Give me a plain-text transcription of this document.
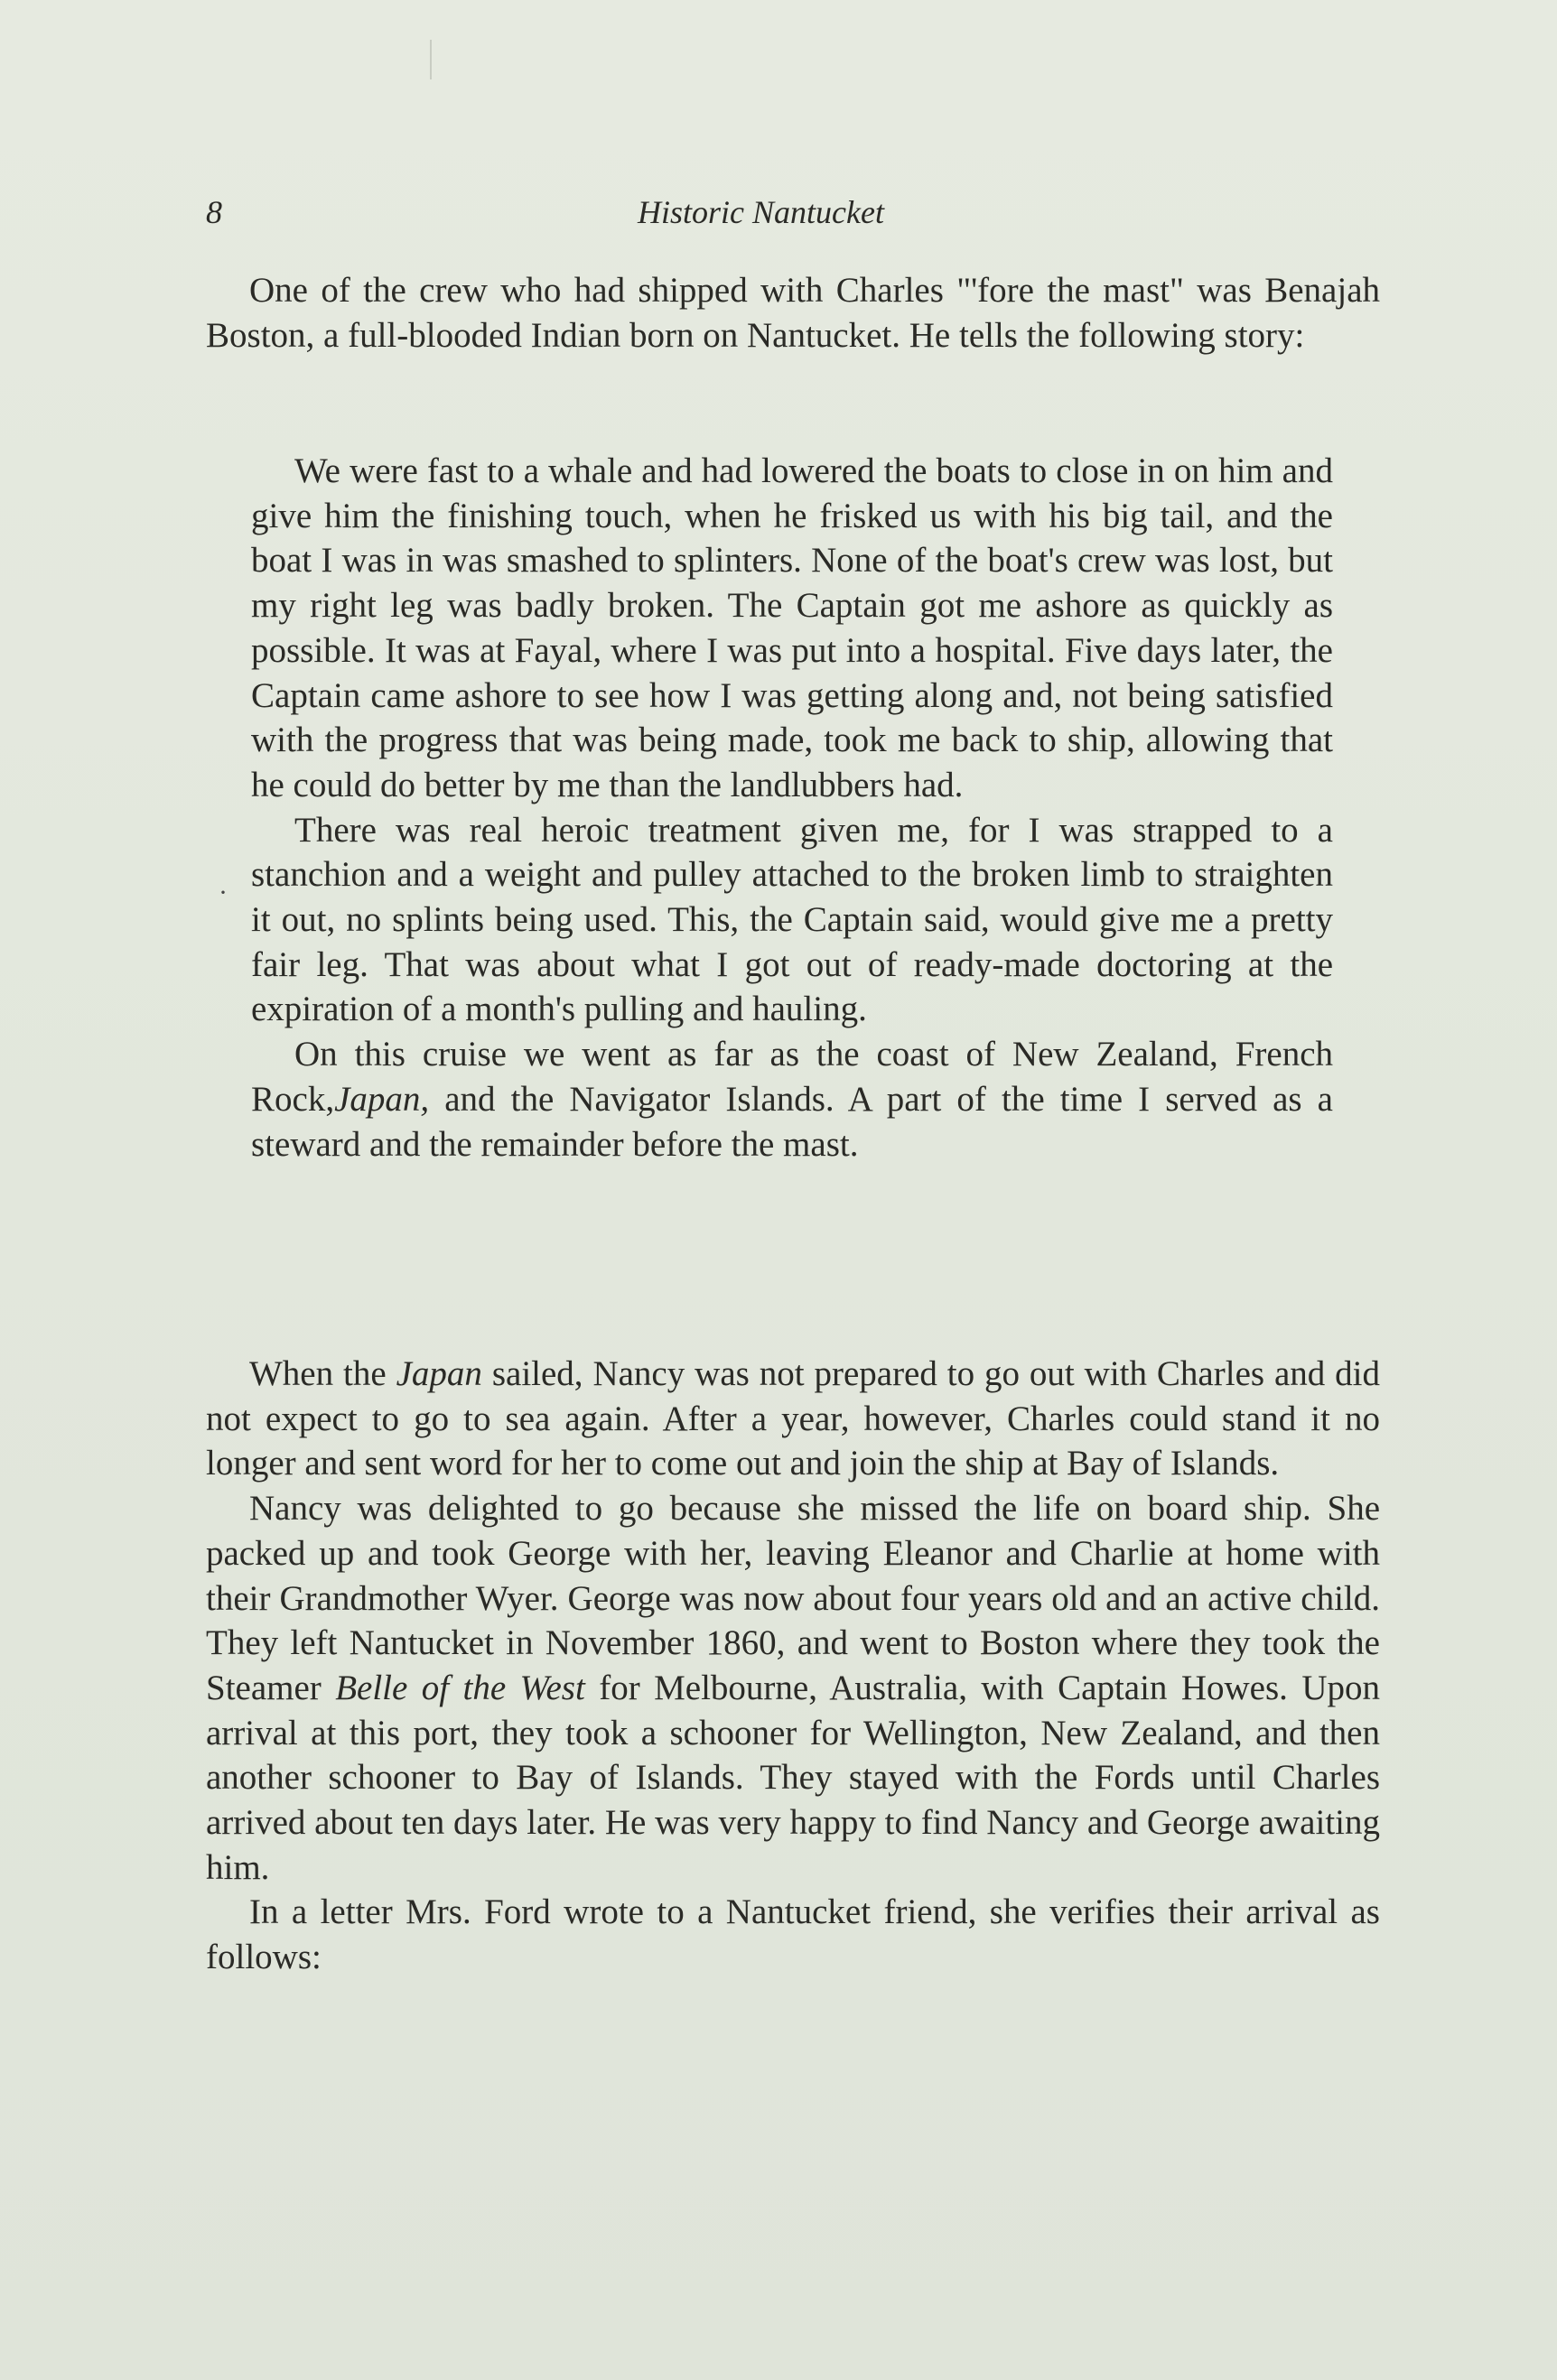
8	Historic Nantucket

One of the crew who had shipped with Charles "'fore the mast" was Benajah Boston, a full-blooded Indian born on Nantucket. He tells the following story:

We were fast to a whale and had lowered the boats to close in on him and give him the finishing touch, when he frisked us with his big tail, and the boat I was in was smashed to splinters. None of the boat's crew was lost, but my right leg was badly broken. The Captain got me ashore as quickly as possible. It was at Fayal, where I was put into a hospital. Five days later, the Captain came ashore to see how I was getting along and, not being satisfied with the progress that was being made, took me back to ship, allowing that he could do better by me than the landlubbers had.

There was real heroic treatment given me, for I was strapped to a stanchion and a weight and pulley attached to the broken limb to straighten it out, no splints being used. This, the Captain said, would give me a pretty fair leg. That was about what I got out of ready-made doctoring at the expiration of a month's pulling and hauling.

On this cruise we went as far as the coast of New Zealand, French Rock,Japan, and the Navigator Islands. A part of the time I served as a steward and the remainder before the mast.

·

When the Japan sailed, Nancy was not prepared to go out with Charles and did not expect to go to sea again. After a year, however, Charles could stand it no longer and sent word for her to come out and join the ship at Bay of Islands.

Nancy was delighted to go because she missed the life on board ship. She packed up and took George with her, leaving Eleanor and Charlie at home with their Grandmother Wyer. George was now about four years old and an active child. They left Nantucket in November 1860, and went to Boston where they took the Steamer Belle of the West for Melbourne, Australia, with Captain Howes. Upon arrival at this port, they took a schooner for Wellington, New Zealand, and then another schooner to Bay of Islands. They stayed with the Fords until Charles arrived about ten days later. He was very happy to find Nancy and George awaiting him.

In a letter Mrs. Ford wrote to a Nantucket friend, she verifies their arrival as follows:
